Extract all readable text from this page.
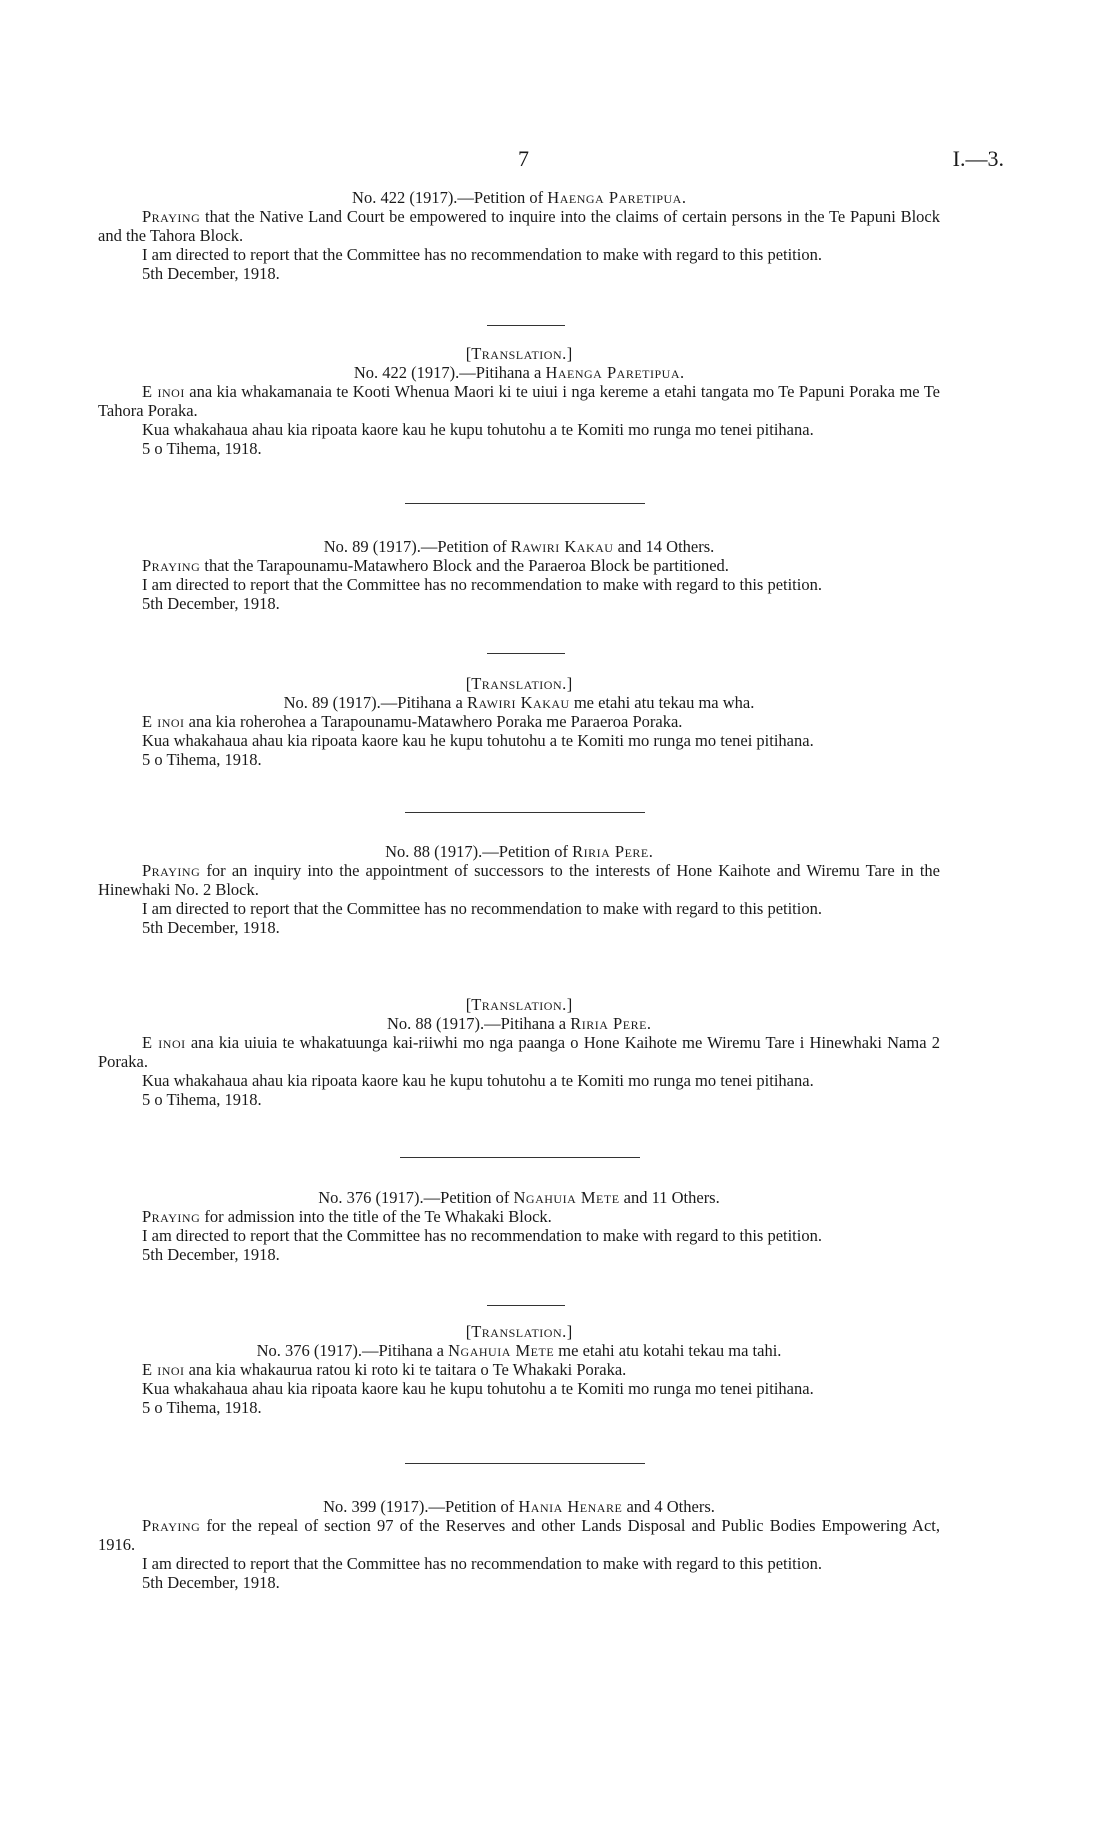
7	I.—3.

No. 422 (1917).—Petition of Haenga Paretipua.

Praying that the Native Land Court be empowered to inquire into the claims of certain persons in the Te Papuni Block and the Tahora Block.

I am directed to report that the Committee has no recommendation to make with regard to this petition.

5th December, 1918.

[Translation.]

No. 422 (1917).—Pitihana a Haenga Paretipua.

E inoi ana kia whakamanaia te Kooti Whenua Maori ki te uiui i nga kereme a etahi tangata mo Te Papuni Poraka me Te Tahora Poraka.

Kua whakahaua ahau kia ripoata kaore kau he kupu tohutohu a te Komiti mo runga mo tenei pitihana.

5 o Tihema, 1918.

No. 89 (1917).—Petition of Rawiri Kakau and 14 Others.

Praying that the Tarapounamu-Matawhero Block and the Paraeroa Block be partitioned.

I am directed to report that the Committee has no recommendation to make with regard to this petition.

5th December, 1918.

[Translation.]

No. 89 (1917).—Pitihana a Rawiri Kakau me etahi atu tekau ma wha.

E inoi ana kia roherohea a Tarapounamu-Matawhero Poraka me Paraeroa Poraka.

Kua whakahaua ahau kia ripoata kaore kau he kupu tohutohu a te Komiti mo runga mo tenei pitihana.

5 o Tihema, 1918.

No. 88 (1917).—Petition of Riria Pere.

Praying for an inquiry into the appointment of successors to the interests of Hone Kaihote and Wiremu Tare in the Hinewhaki No. 2 Block.

I am directed to report that the Committee has no recommendation to make with regard to this petition.

5th December, 1918.

[Translation.]

No. 88 (1917).—Pitihana a Riria Pere.

E inoi ana kia uiuia te whakatuunga kai-riiwhi mo nga paanga o Hone Kaihote me Wiremu Tare i Hinewhaki Nama 2 Poraka.

Kua whakahaua ahau kia ripoata kaore kau he kupu tohutohu a te Komiti mo runga mo tenei pitihana.

5 o Tihema, 1918.

No. 376 (1917).—Petition of Ngahuia Mete and 11 Others.

Praying for admission into the title of the Te Whakaki Block.

I am directed to report that the Committee has no recommendation to make with regard to this petition.

5th December, 1918.

[Translation.]

No. 376 (1917).—Pitihana a Ngahuia Mete me etahi atu kotahi tekau ma tahi.

E inoi ana kia whakaurua ratou ki roto ki te taitara o Te Whakaki Poraka.

Kua whakahaua ahau kia ripoata kaore kau he kupu tohutohu a te Komiti mo runga mo tenei pitihana.

5 o Tihema, 1918.

No. 399 (1917).—Petition of Hania Henare and 4 Others.

Praying for the repeal of section 97 of the Reserves and other Lands Disposal and Public Bodies Empowering Act, 1916.

I am directed to report that the Committee has no recommendation to make with regard to this petition.

5th December, 1918.
